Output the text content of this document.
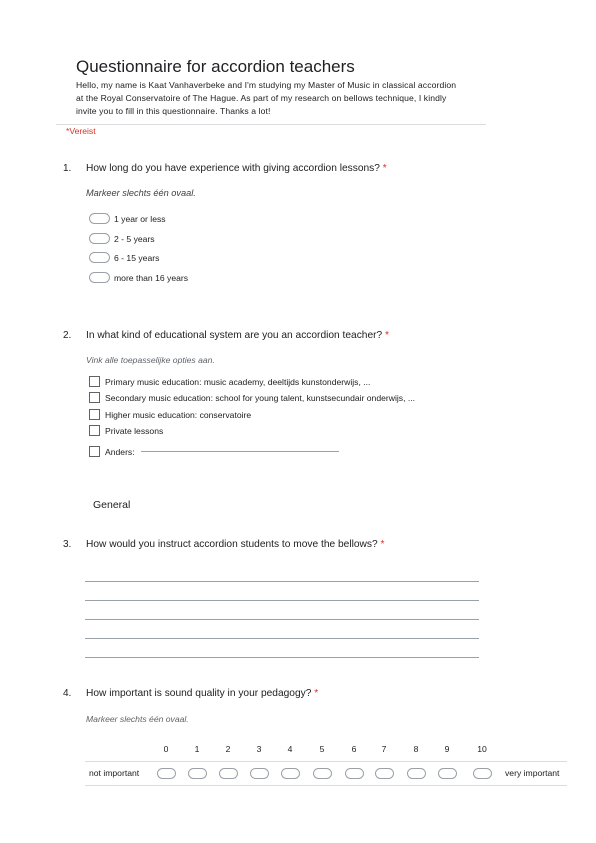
Questionnaire for accordion teachers
Hello, my name is Kaat Vanhaverbeke and I'm studying my Master of Music in classical accordion at the Royal Conservatoire of The Hague. As part of my research on bellows technique, I kindly invite you to fill in this questionnaire. Thanks a lot!
*Vereist
1. How long do you have experience with giving accordion lessons? *
Markeer slechts één ovaal.
1 year or less
2 - 5 years
6 - 15 years
more than 16 years
2. In what kind of educational system are you an accordion teacher? *
Vink alle toepasselijke opties aan.
Primary music education: music academy, deeltijds kunstonderwijs, ...
Secondary music education: school for young talent, kunstsecundair onderwijs, ...
Higher music education: conservatoire
Private lessons
Anders:
General
3. How would you instruct accordion students to move the bellows? *
4. How important is sound quality in your pedagogy? *
Markeer slechts één ovaal.
0	1	2	3	4	5	6	7	8	9	10
not important	very important
